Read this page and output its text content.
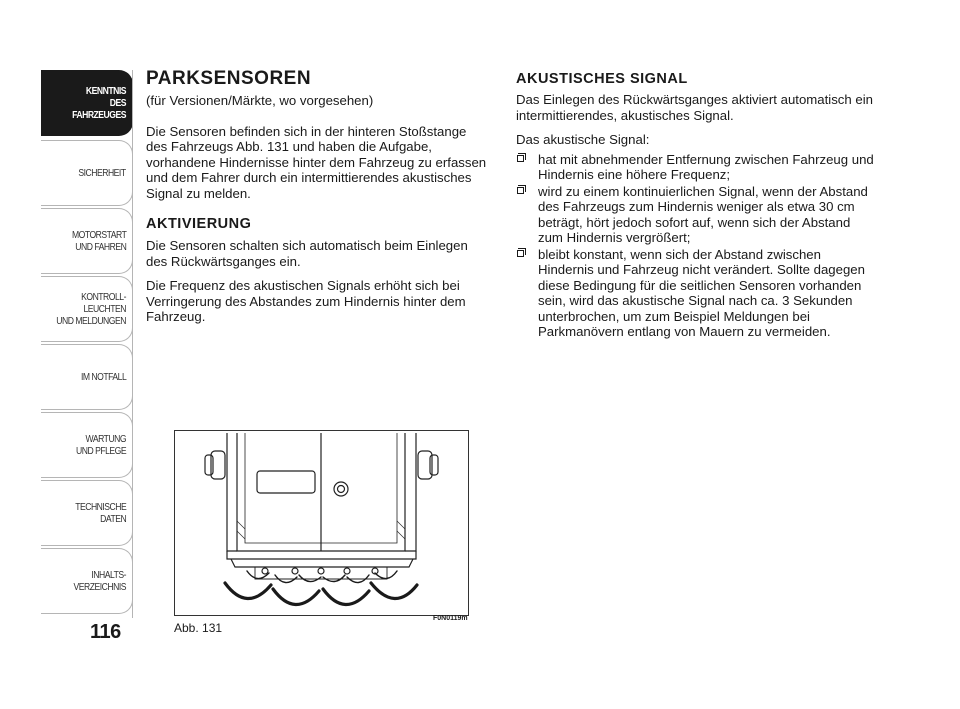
KENNTNIS
DES FAHRZEUGES
SICHERHEIT
MOTORSTART
UND FAHREN
KONTROLL-
LEUCHTEN
UND MELDUNGEN
IM NOTFALL
WARTUNG
UND PFLEGE
TECHNISCHE
DATEN
INHALTS-
VERZEICHNIS
116
PARKSENSOREN

(für Versionen/Märkte, wo vorgesehen)

Die Sensoren befinden sich in der hinteren Stoßstange des Fahrzeugs Abb. 131 und haben die Aufgabe, vorhandene Hindernisse hinter dem Fahrzeug zu erfassen und dem Fahrer durch ein intermittierendes akustisches Signal zu melden.

AKTIVIERUNG

Die Sensoren schalten sich automatisch beim Einlegen des Rückwärtsganges ein.

Die Frequenz des akustischen Signals erhöht sich bei Verringerung des Abstandes zum Hindernis hinter dem Fahrzeug.

AKUSTISCHES SIGNAL

Das Einlegen des Rückwärtsganges aktiviert automatisch ein intermittierendes, akustisches Signal.

Das akustische Signal:

hat mit abnehmender Entfernung zwischen Fahrzeug und Hindernis eine höhere Frequenz;
wird zu einem kontinuierlichen Signal, wenn der Abstand des Fahrzeugs zum Hindernis weniger als etwa 30 cm beträgt, hört jedoch sofort auf, wenn sich der Abstand zum Hindernis vergrößert;
bleibt konstant, wenn sich der Abstand zwischen Hindernis und Fahrzeug nicht verändert. Sollte dagegen diese Bedingung für die seitlichen Sensoren vorhanden sein, wird das akustische Signal nach ca. 3 Sekunden unterbrochen, um zum Beispiel Meldungen bei Parkmanövern entlang von Mauern zu vermeiden.
Abb. 131
F0N0119m
